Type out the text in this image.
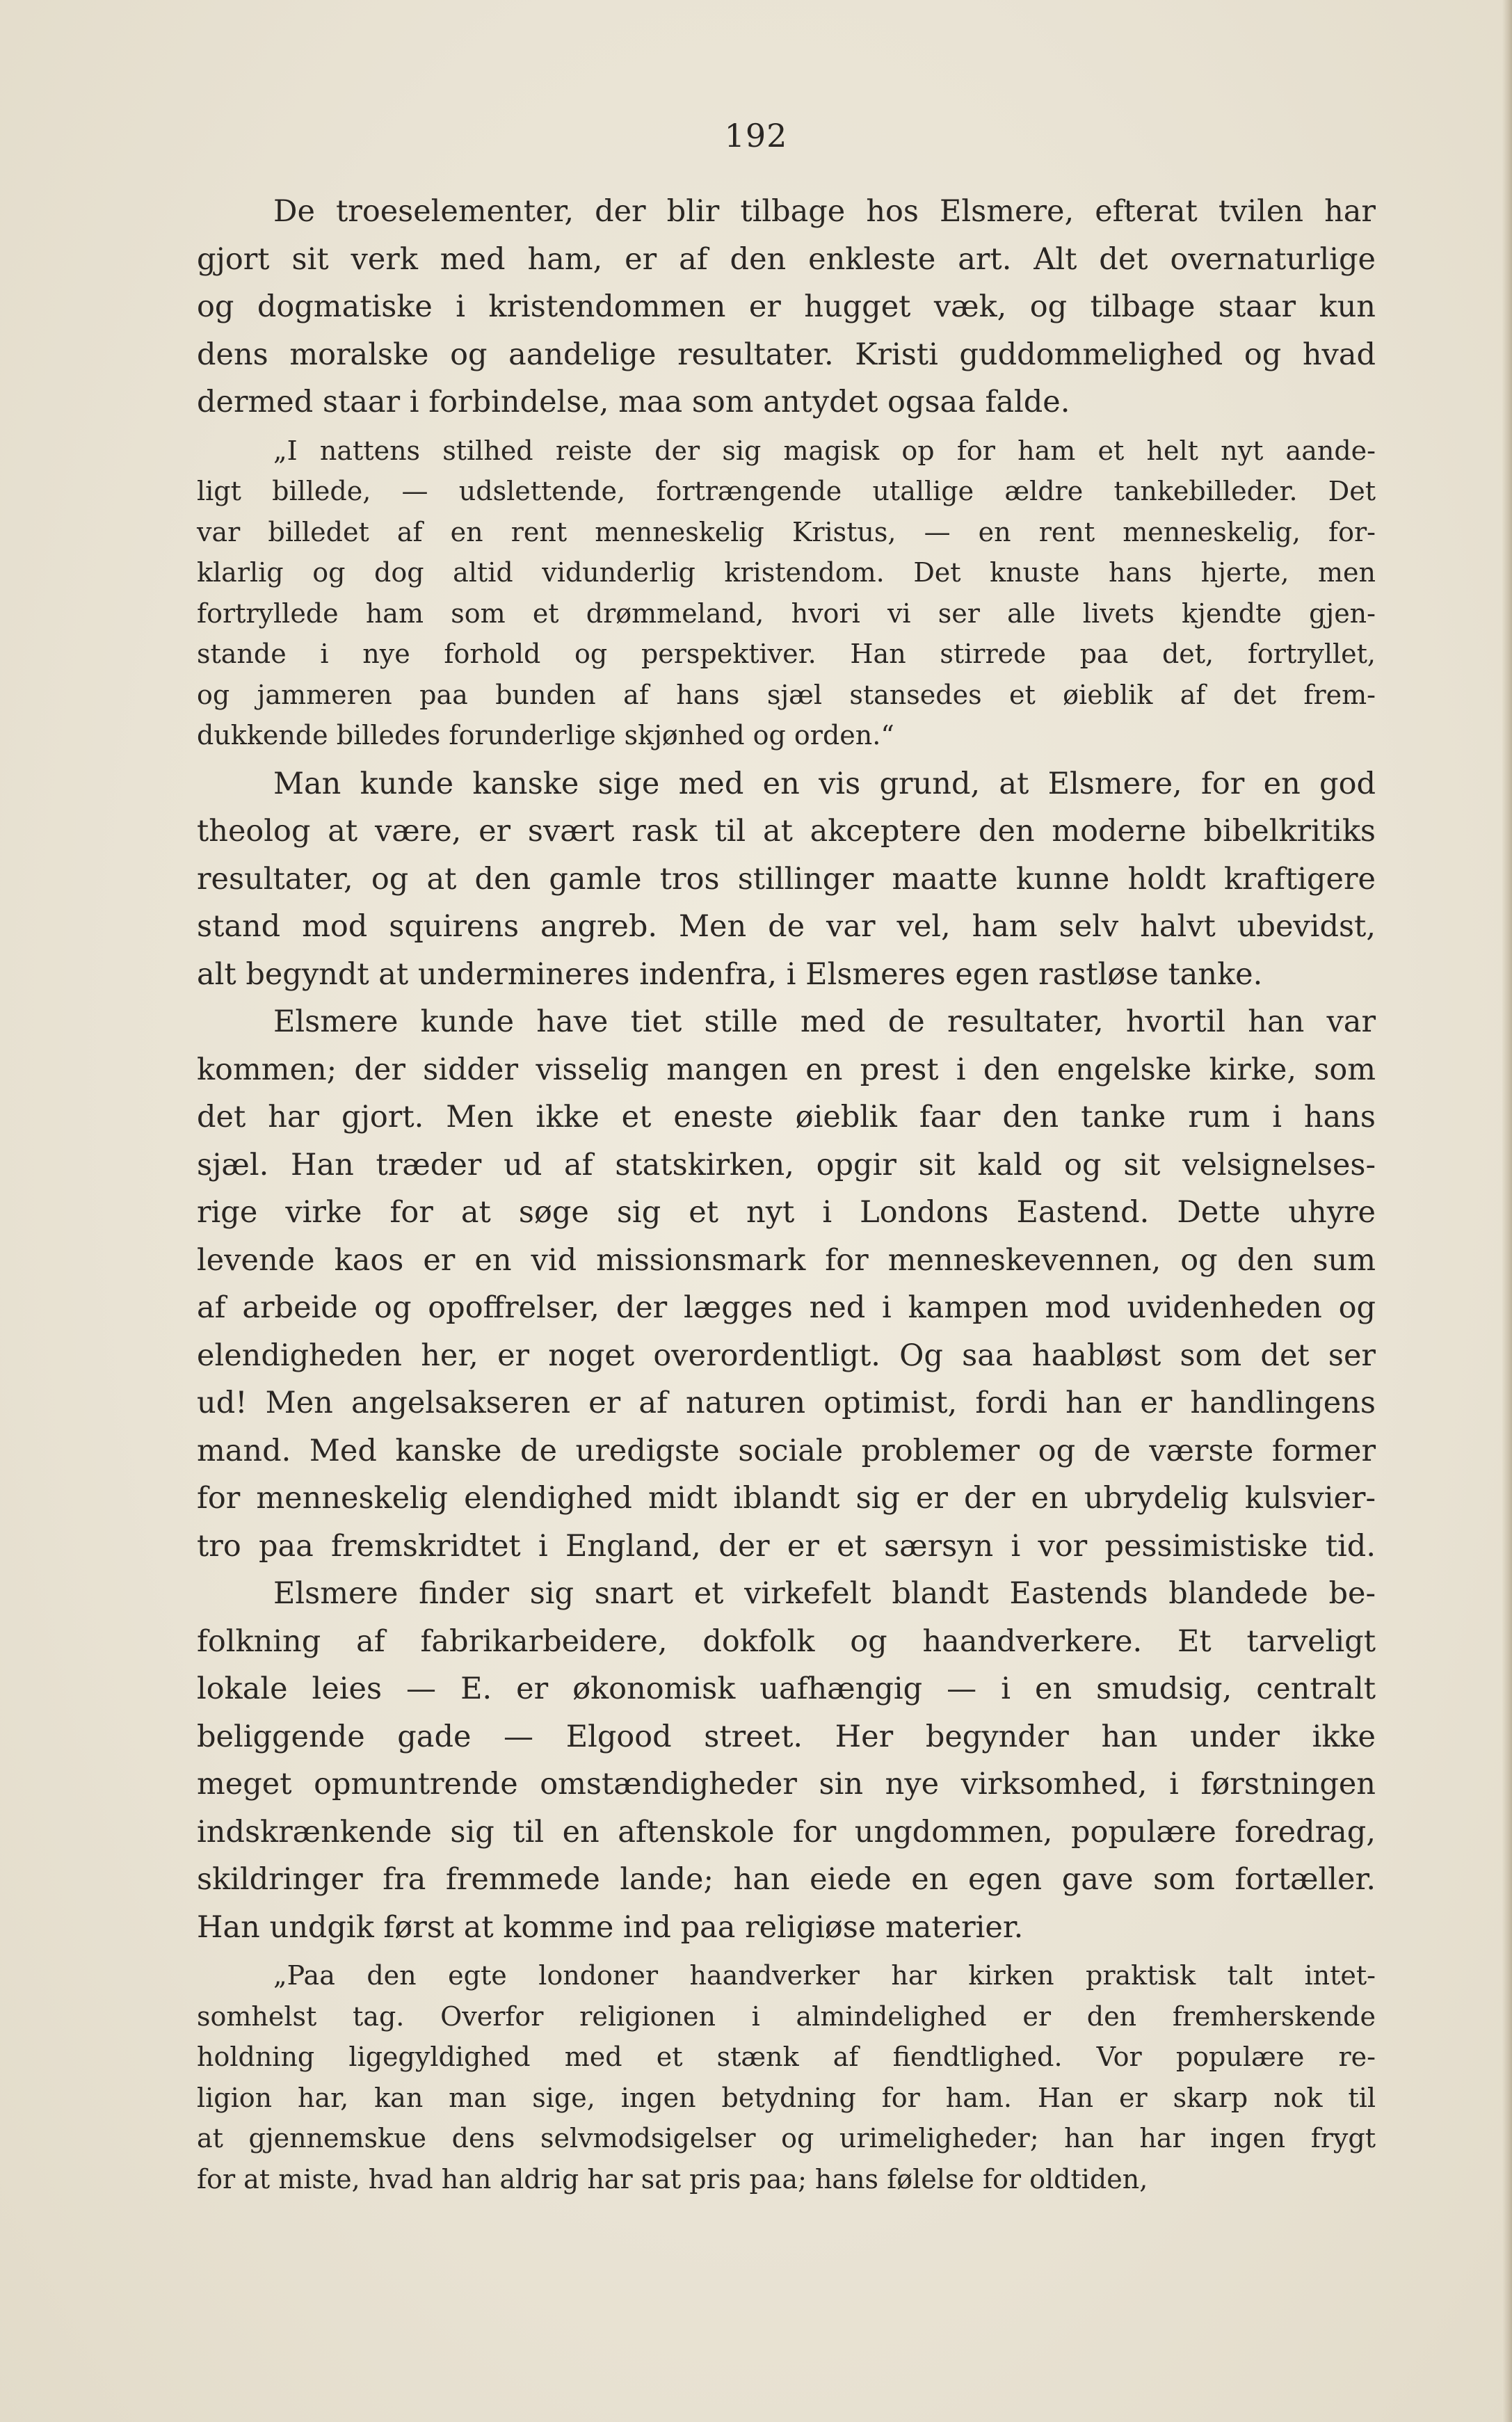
192
De troeselementer, der blir tilbage hos Elsmere, efterat tvilen har
gjort sit verk med ham, er af den enkleste art. Alt det overnaturlige
og dogmatiske i kristendommen er hugget væk, og tilbage staar kun
dens moralske og aandelige resultater. Kristi guddommelighed og hvad
dermed staar i forbindelse, maa som antydet ogsaa falde.
„I nattens stilhed reiste der sig magisk op for ham et helt nyt aande-
ligt billede, — udslettende, fortrængende utallige ældre tankebilleder. Det
var billedet af en rent menneskelig Kristus, — en rent menneskelig, for-
klarlig og dog altid vidunderlig kristendom. Det knuste hans hjerte, men
fortryllede ham som et drømmeland, hvori vi ser alle livets kjendte gjen-
stande i nye forhold og perspektiver. Han stirrede paa det, fortryllet,
og jammeren paa bunden af hans sjæl stansedes et øieblik af det frem-
dukkende billedes forunderlige skjønhed og orden.“
Man kunde kanske sige med en vis grund, at Elsmere, for en god
theolog at være, er svært rask til at akceptere den moderne bibelkritiks
resultater, og at den gamle tros stillinger maatte kunne holdt kraftigere
stand mod squirens angreb. Men de var vel, ham selv halvt ubevidst,
alt begyndt at undermineres indenfra, i Elsmeres egen rastløse tanke.
Elsmere kunde have tiet stille med de resultater, hvortil han var
kommen; der sidder visselig mangen en prest i den engelske kirke, som
det har gjort. Men ikke et eneste øieblik faar den tanke rum i hans
sjæl. Han træder ud af statskirken, opgir sit kald og sit velsignelses-
rige virke for at søge sig et nyt i Londons Eastend. Dette uhyre
levende kaos er en vid missionsmark for menneskevennen, og den sum
af arbeide og opoffrelser, der lægges ned i kampen mod uvidenheden og
elendigheden her, er noget overordentligt. Og saa haabløst som det ser
ud! Men angelsakseren er af naturen optimist, fordi han er handlingens
mand. Med kanske de uredigste sociale problemer og de værste former
for menneskelig elendighed midt iblandt sig er der en ubrydelig kulsvier-
tro paa fremskridtet i England, der er et særsyn i vor pessimistiske tid.
Elsmere finder sig snart et virkefelt blandt Eastends blandede be-
folkning af fabrikarbeidere, dokfolk og haandverkere. Et tarveligt
lokale leies — E. er økonomisk uafhængig — i en smudsig, centralt
beliggende gade — Elgood street. Her begynder han under ikke
meget opmuntrende omstændigheder sin nye virksomhed, i førstningen
indskrænkende sig til en aftenskole for ungdommen, populære foredrag,
skildringer fra fremmede lande; han eiede en egen gave som fortæller.
Han undgik først at komme ind paa religiøse materier.
„Paa den egte londoner haandverker har kirken praktisk talt intet-
somhelst tag. Overfor religionen i almindelighed er den fremherskende
holdning ligegyldighed med et stænk af fiendtlighed. Vor populære re-
ligion har, kan man sige, ingen betydning for ham. Han er skarp nok til
at gjennemskue dens selvmodsigelser og urimeligheder; han har ingen frygt
for at miste, hvad han aldrig har sat pris paa; hans følelse for oldtiden,
